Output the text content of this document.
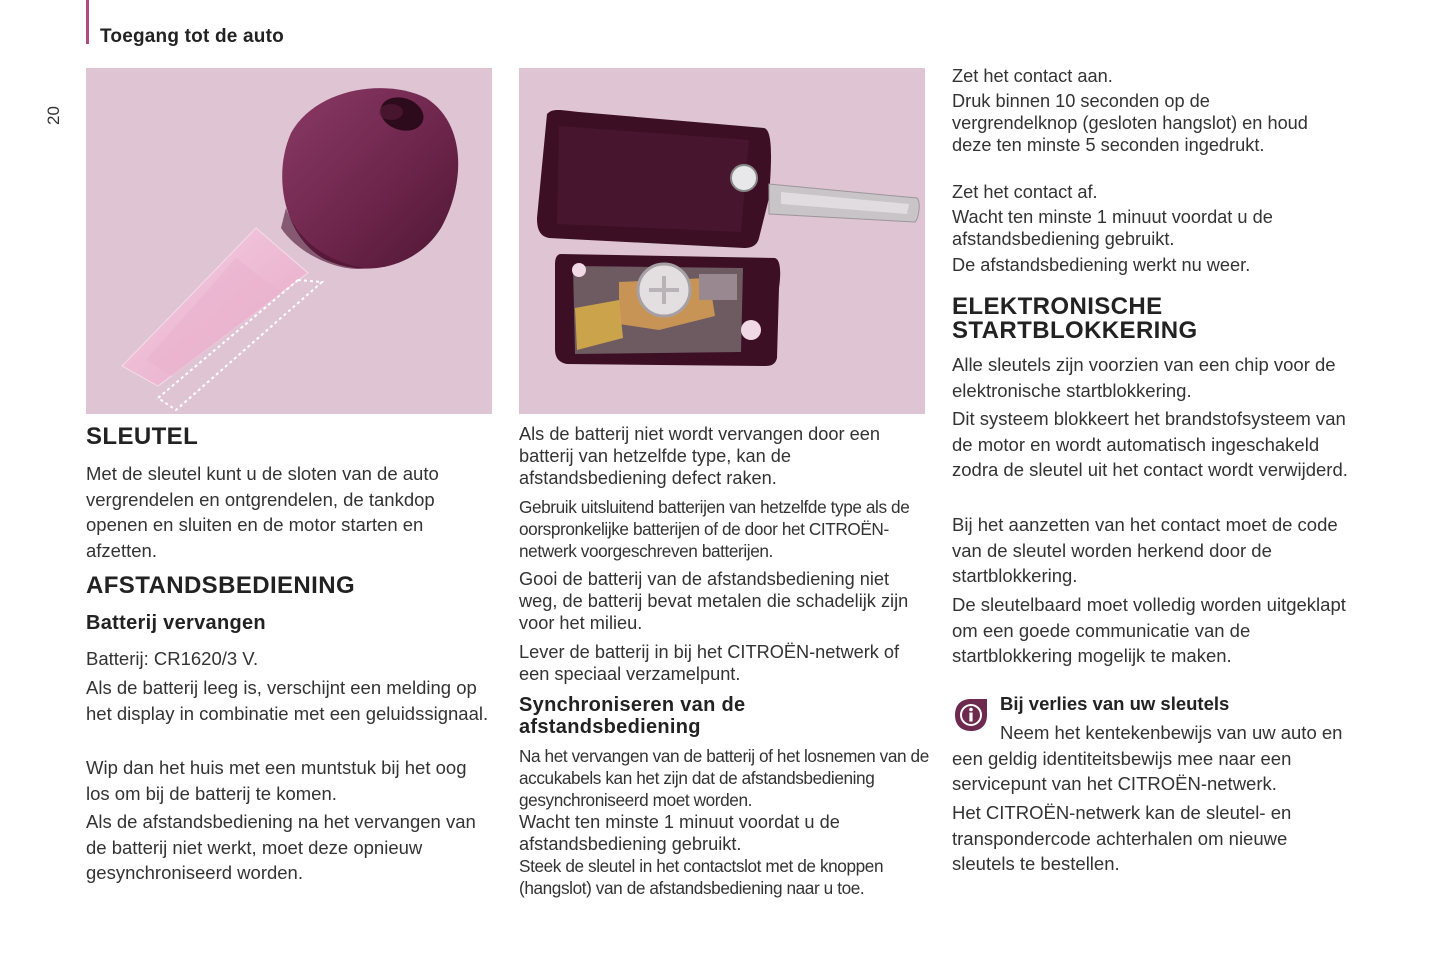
Toegang tot de auto
20
SLEUTEL

Met de sleutel kunt u de sloten van de auto vergrendelen en ontgrendelen, de tankdop openen en sluiten en de motor starten en afzetten.

AFSTANDSBEDIENING
Batterij vervangen

Batterij: CR1620/3 V.

Als de batterij leeg is, verschijnt een melding op het display in combinatie met een geluidssignaal.

Wip dan het huis met een muntstuk bij het oog los om bij de batterij te komen.

Als de afstandsbediening na het vervangen van de batterij niet werkt, moet deze opnieuw gesynchroniseerd worden.

Als de batterij niet wordt vervangen door een batterij van hetzelfde type, kan de afstandsbediening defect raken.

Gebruik uitsluitend batterijen van hetzelfde type als de oorspronkelijke batterijen of de door het CITROËN-netwerk voorgeschreven batterijen.

Gooi de batterij van de afstandsbediening niet weg, de batterij bevat metalen die schadelijk zijn voor het milieu.

Lever de batterij in bij het CITROËN-netwerk of een speciaal verzamelpunt.

Synchroniseren van de afstandsbediening

Na het vervangen van de batterij of het losnemen van de accukabels kan het zijn dat de afstandsbediening gesynchroniseerd moet worden.

Wacht ten minste 1 minuut voordat u de afstandsbediening gebruikt.

Steek de sleutel in het contactslot met de knoppen (hangslot) van de afstandsbediening naar u toe.

Zet het contact aan.

Druk binnen 10 seconden op de vergrendelknop (gesloten hangslot) en houd deze ten minste 5 seconden ingedrukt.

Zet het contact af.

Wacht ten minste 1 minuut voordat u de afstandsbediening gebruikt.

De afstandsbediening werkt nu weer.

ELEKTRONISCHE STARTBLOKKERING

Alle sleutels zijn voorzien van een chip voor de elektronische startblokkering.

Dit systeem blokkeert het brandstofsysteem van de motor en wordt automatisch ingeschakeld zodra de sleutel uit het contact wordt verwijderd.

Bij het aanzetten van het contact moet de code van de sleutel worden herkend door de startblokkering.

De sleutelbaard moet volledig worden uitgeklapt om een goede communicatie van de startblokkering mogelijk te maken.

Bij verlies van uw sleutels

Neem het kentekenbewijs van uw auto en een geldig identiteitsbewijs mee naar een servicepunt van het CITROËN-netwerk.

Het CITROËN-netwerk kan de sleutel- en transpondercode achterhalen om nieuwe sleutels te bestellen.
